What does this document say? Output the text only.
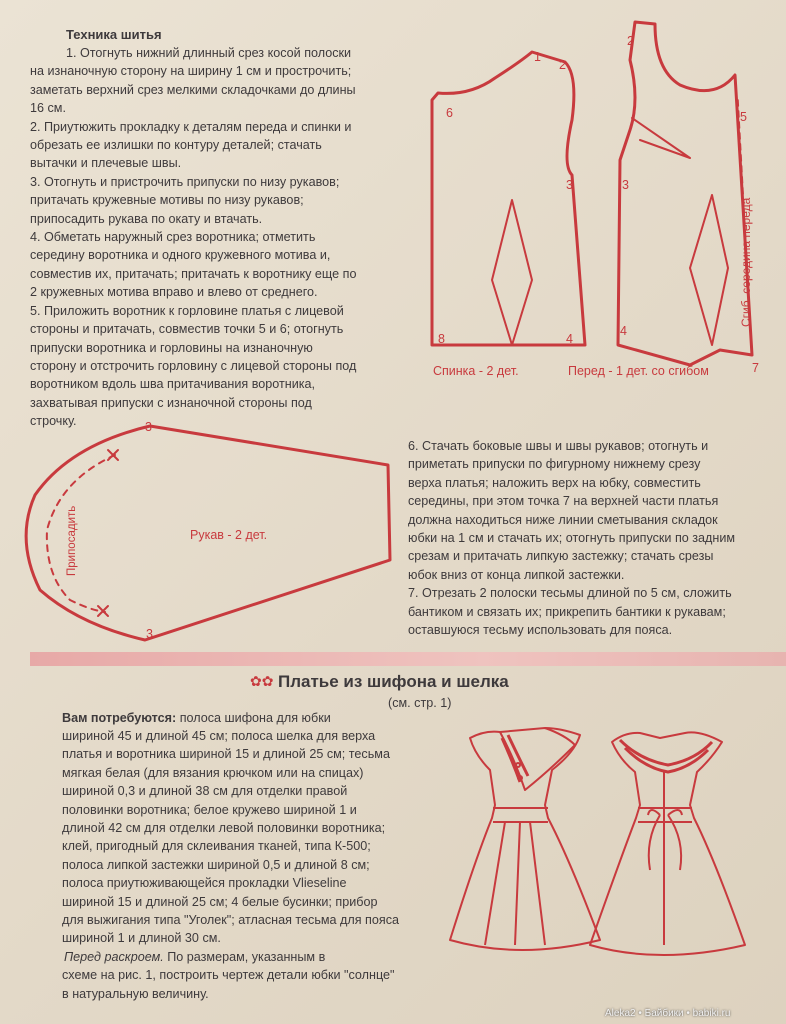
Техника шитья
1. Отогнуть нижний длинный срез косой полоски
на изнаночную сторону на ширину 1 см и прострочить;
заметать верхний срез мелкими складочками до длины
16 см.
2. Приутюжить прокладку к деталям переда и спинки и
обрезать ее излишки по контуру деталей; стачать
вытачки и плечевые швы.
3. Отогнуть и пристрочить припуски по низу рукавов;
притачать кружевные мотивы по низу рукавов;
припосадить рукава по окату и втачать.
4. Обметать наружный срез воротника; отметить
середину воротника и одного кружевного мотива и,
совместив их, притачать; притачать к воротнику еще по
2 кружевных мотива вправо и влево от среднего.
5. Приложить воротник к горловине платья с лицевой
стороны и притачать, совместив точки 5 и 6; отогнуть
припуски воротника и горловины на изнаночную
сторону и отстрочить горловину с лицевой стороны под
воротником вдоль шва притачивания воротника,
захватывая припуски с изнаночной стороны под
строчку.
1
2
6
3
8	4
2
5
3
4
7
3
3
Спинка - 2 дет.	Перед - 1 дет. со сгибом
Сгиб. середина переда
Рукав - 2 дет.
Припосадить
6. Стачать боковые швы и швы рукавов; отогнуть и
приметать припуски по фигурному нижнему срезу
верха платья; наложить верх на юбку, совместить
середины, при этом точка 7 на верхней части платья
должна находиться ниже линии сметывания складок
юбки на 1 см и стачать их; отогнуть припуски по задним
срезам и притачать липкую застежку; стачать срезы
юбок вниз от конца липкой застежки.
7. Отрезать 2 полоски тесьмы длиной по 5 см, сложить
бантиком и связать их; прикрепить бантики к рукавам;
оставшуюся тесьму использовать для пояса.
✿✿ Платье из шифона и шелка
(см. стр. 1)
Вам потребуются: полоса шифона для юбки
шириной 45 и длиной 45 см; полоса шелка для верха
платья и воротника шириной 15 и длиной 25 см; тесьма
мягкая белая (для вязания крючком или на спицах)
шириной 0,3 и длиной 38 см для отделки правой
половинки воротника; белое кружево шириной 1 и
длиной 42 см для отделки левой половинки воротника;
клей, пригодный для склеивания тканей, типа К-500;
полоса липкой застежки шириной 0,5 и длиной 8 см;
полоса приутюживающейся прокладки Vlieseline
шириной 15 и длиной 25 см; 4 белые бусинки; прибор
для выжигания типа "Уголек"; атласная тесьма для пояса
шириной 1 и длиной 30 см.
Перед раскроем. По размерам, указанным в
схеме на рис. 1, построить чертеж детали юбки "солнце"
в натуральную величину.
Aleka2 • Байбики • babiki.ru
